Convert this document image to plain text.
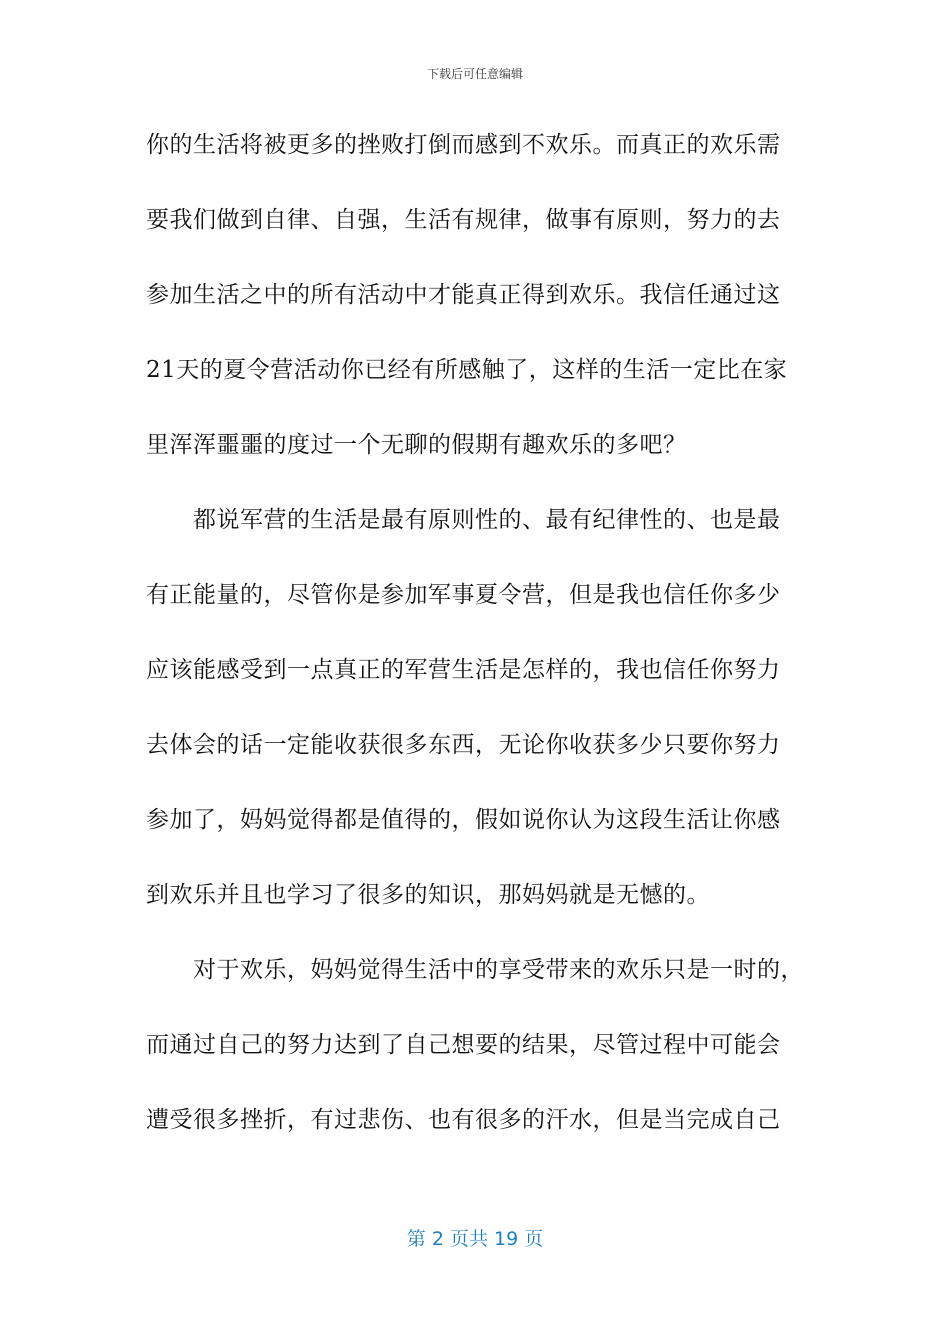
下载后可任意编辑
你的生活将被更多的挫败打倒而感到不欢乐。而真正的欢乐需
要我们做到自律、自强，生活有规律，做事有原则，努力的去
参加生活之中的所有活动中才能真正得到欢乐。我信任通过这
21天的夏令营活动你已经有所感触了，这样的生活一定比在家
里浑浑噩噩的度过一个无聊的假期有趣欢乐的多吧？
都说军营的生活是最有原则性的、最有纪律性的、也是最
有正能量的，尽管你是参加军事夏令营，但是我也信任你多少
应该能感受到一点真正的军营生活是怎样的，我也信任你努力
去体会的话一定能收获很多东西，无论你收获多少只要你努力
参加了，妈妈觉得都是值得的，假如说你认为这段生活让你感
到欢乐并且也学习了很多的知识，那妈妈就是无憾的。
对于欢乐，妈妈觉得生活中的享受带来的欢乐只是一时的，
而通过自己的努力达到了自己想要的结果，尽管过程中可能会
遭受很多挫折，有过悲伤、也有很多的汗水，但是当完成自己
第 2 页共 19 页
